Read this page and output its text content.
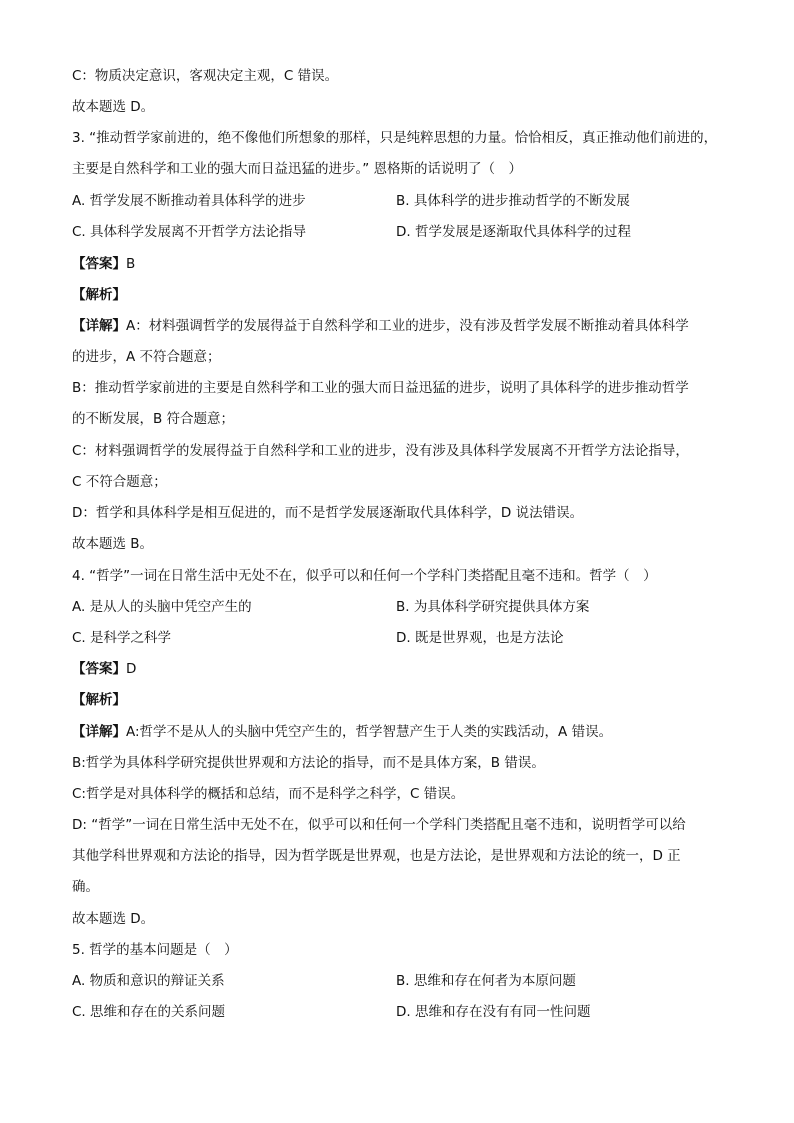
C：物质决定意识，客观决定主观，C 错误。
故本题选 D。
3. “推动哲学家前进的，绝不像他们所想象的那样，只是纯粹思想的力量。恰恰相反，真正推动他们前进的，
主要是自然科学和工业的强大而日益迅猛的进步。” 恩格斯的话说明了（　）
A. 哲学发展不断推动着具体科学的进步	B. 具体科学的进步推动哲学的不断发展
C. 具体科学发展离不开哲学方法论指导	D. 哲学发展是逐渐取代具体科学的过程
【答案】B
【解析】
【详解】A：材料强调哲学的发展得益于自然科学和工业的进步，没有涉及哲学发展不断推动着具体科学
的进步，A 不符合题意；
B：推动哲学家前进的主要是自然科学和工业的强大而日益迅猛的进步，说明了具体科学的进步推动哲学
的不断发展，B 符合题意；
C：材料强调哲学的发展得益于自然科学和工业的进步，没有涉及具体科学发展离不开哲学方法论指导，
C 不符合题意；
D：哲学和具体科学是相互促进的，而不是哲学发展逐渐取代具体科学，D 说法错误。
故本题选 B。
4. “哲学”一词在日常生活中无处不在，似乎可以和任何一个学科门类搭配且毫不违和。哲学（　）
A. 是从人的头脑中凭空产生的	B. 为具体科学研究提供具体方案
C. 是科学之科学	D. 既是世界观，也是方法论
【答案】D
【解析】
【详解】A:哲学不是从人的头脑中凭空产生的，哲学智慧产生于人类的实践活动，A 错误。
B:哲学为具体科学研究提供世界观和方法论的指导，而不是具体方案，B 错误。
C:哲学是对具体科学的概括和总结，而不是科学之科学，C 错误。
D: “哲学”一词在日常生活中无处不在，似乎可以和任何一个学科门类搭配且毫不违和，说明哲学可以给
其他学科世界观和方法论的指导，因为哲学既是世界观，也是方法论，是世界观和方法论的统一，D 正
确。
故本题选 D。
5. 哲学的基本问题是（　）
A. 物质和意识的辩证关系	B. 思维和存在何者为本原问题
C. 思维和存在的关系问题	D. 思维和存在没有有同一性问题
